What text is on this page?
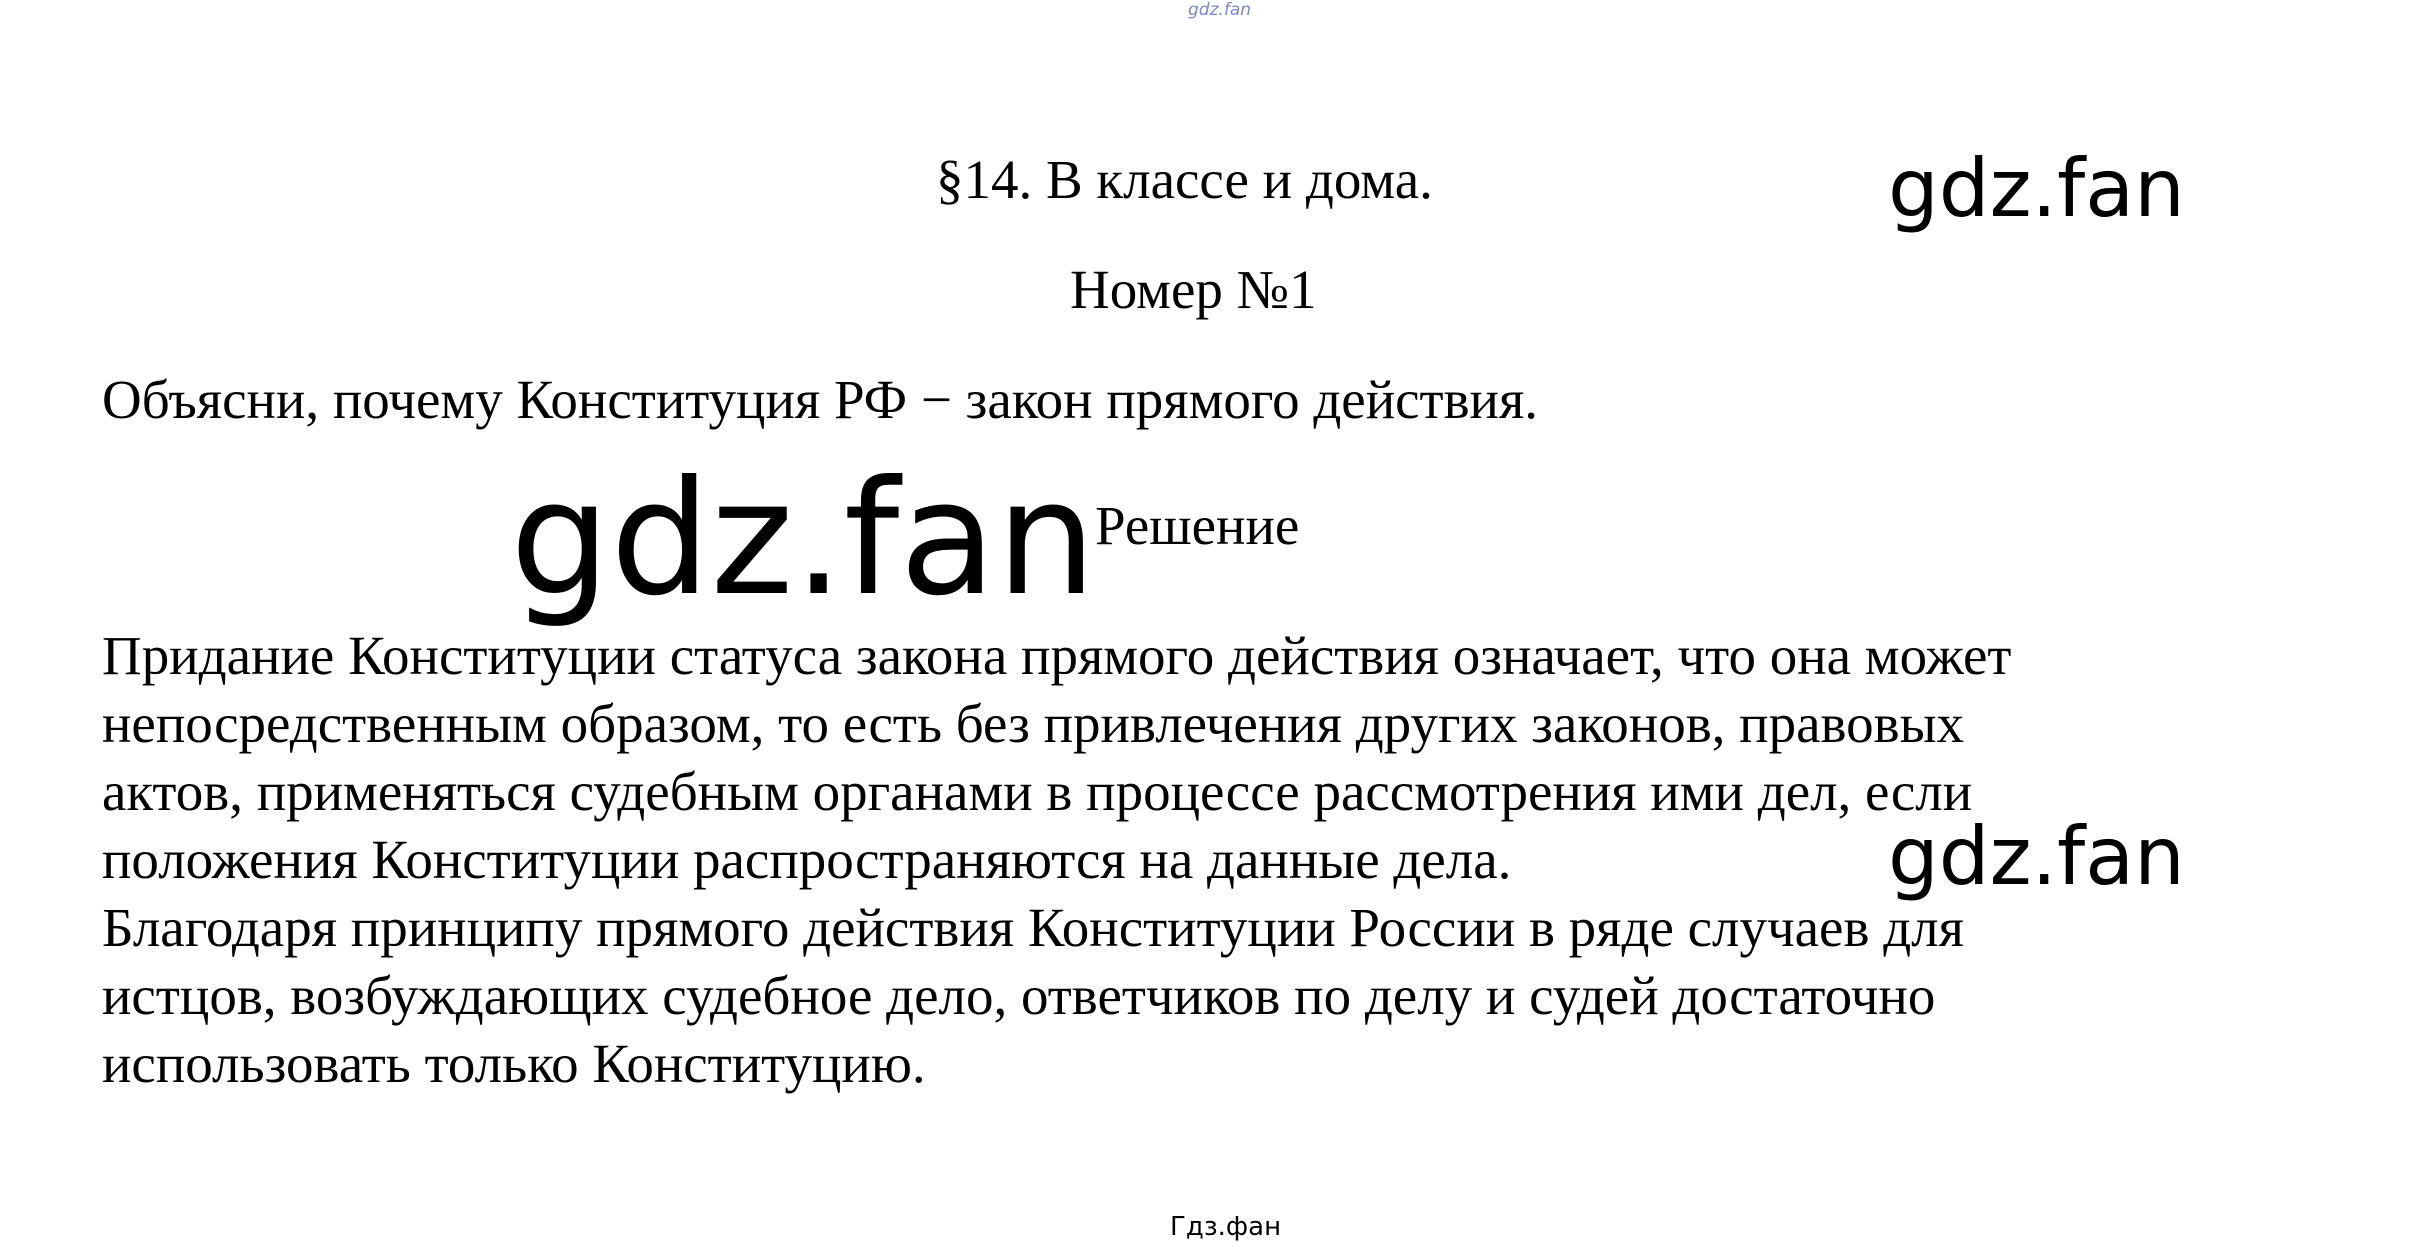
gdz.fan
§14. В классе и дома.	gdz.fan
Номер №1
Объясни, почему Конституция РФ − закон прямого действия.
Решение
gdz.fan
Придание Конституции статуса закона прямого действия означает, что она может
непосредственным образом, то есть без привлечения других законов, правовых
актов, применяться судебным органами в процессе рассмотрения ими дел, если
положения Конституции распространяются на данные дела.
Благодаря принципу прямого действия Конституции России в ряде случаев для
истцов, возбуждающих судебное дело, ответчиков по делу и судей достаточно
использовать только Конституцию.
gdz.fan
Гдз.фан
